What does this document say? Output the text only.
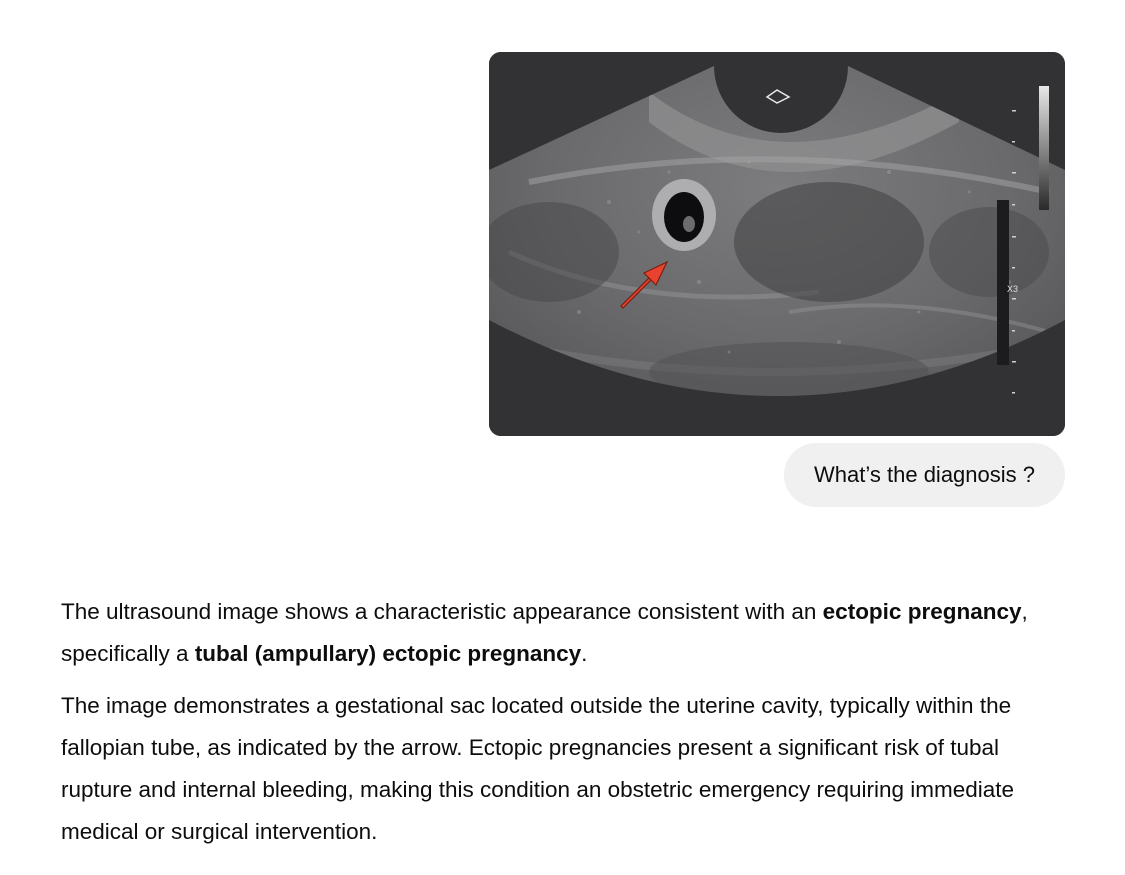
X3
What’s the diagnosis ?

The ultrasound image shows a characteristic appearance consistent with an ectopic pregnancy, specifically a tubal (ampullary) ectopic pregnancy.

The image demonstrates a gestational sac located outside the uterine cavity, typically within the fallopian tube, as indicated by the arrow. Ectopic pregnancies present a significant risk of tubal rupture and internal bleeding, making this condition an obstetric emergency requiring immediate medical or surgical intervention.
